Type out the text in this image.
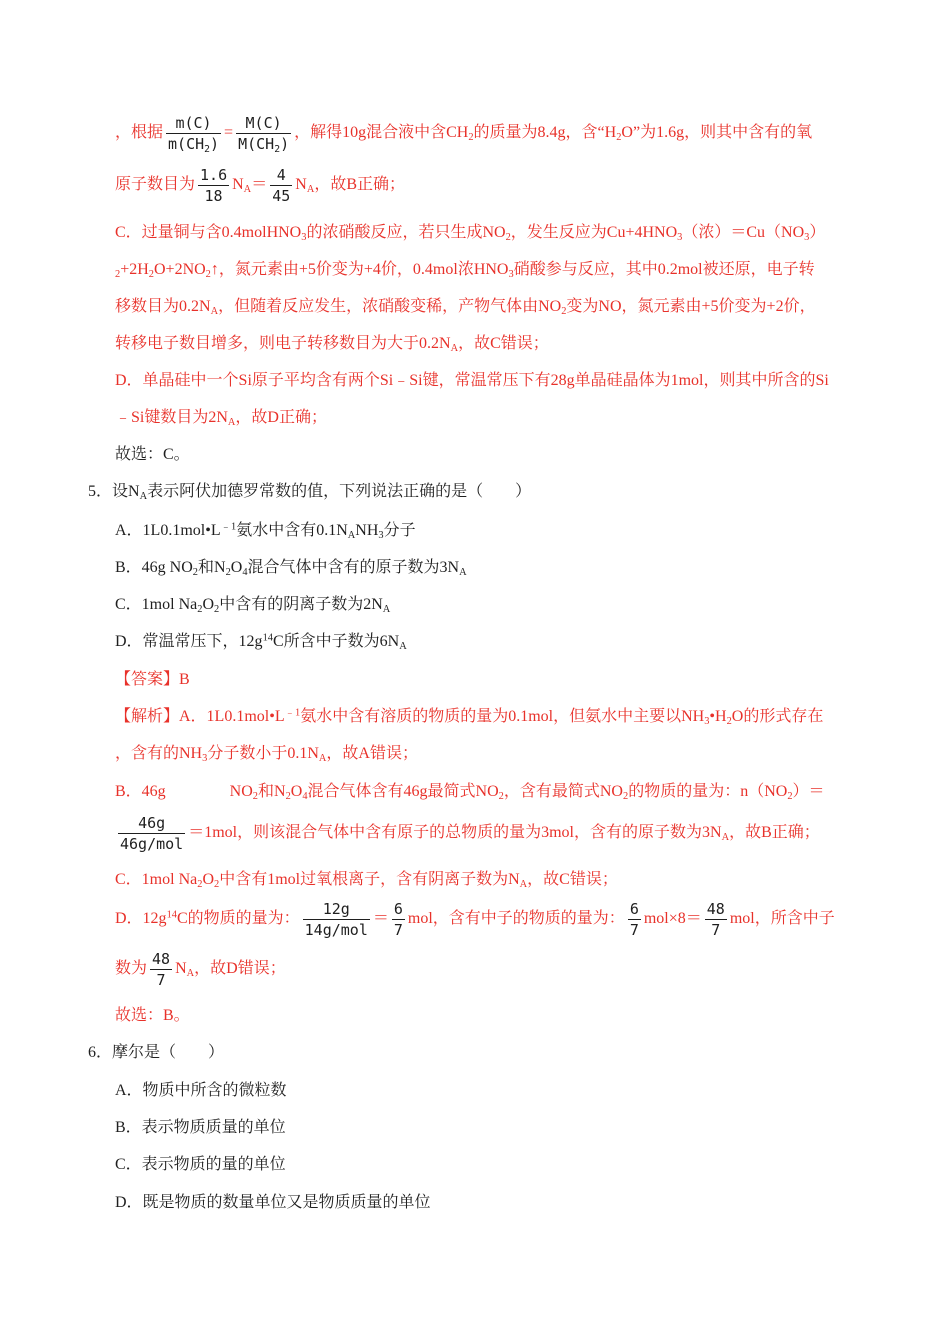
，根据 $\frac{m(C)}{m(CH_2)} = \frac{M(C)}{M(CH_2)}$ ，解得10g混合液中含$CH_2$的质量为8.4g，含“$H_2O$”为1.6g，则其中含有的氧
原子数目为 $\frac{1.6}{18} N_A= \frac{4}{45} N_A$，故B正确；
C．过量铜与含0.4molHNO$_3$的浓硝酸反应，若只生成$NO_2$，发生反应为$Cu+4HNO_3$（浓）$=Cu(NO_3)$
$_2+2H_2O+2NO_2↑$，氮元素由+5价变为+4价，0.4mol浓$HNO_3$硝酸参与反应，其中0.2mol被还原，电子转
移数目为$0.2N_A$，但随着反应发生，浓硝酸变稀，产物气体由$NO_2$变为NO，氮元素由+5价变为+2价，
转移电子数目增多，则电子转移数目为大于$0.2N_A$，故C错误；
D．单晶硅中一个Si原子平均含有两个Si﹣Si键，常温常压下有28g单晶硅晶体为1mol，则其中所含的Si
﹣Si键数目为$2N_A$，故D正确；
故选：C。
5．设$N_A$表示阿伏加德罗常数的值，下列说法正确的是（　　）
A．$1L0.1mol•L^{﹣1}$氨水中含有$0.1N_ANH_3$分子
B．46g $NO_2$和$N_2O_4$混合气体中含有的原子数为$3N_A$
C．1mol $Na_2O_2$中含有的阴离子数为$2N_A$
D．常温常压下，$12g^{14}C$所含中子数为$6N_A$
【答案】B
【解析】A．$1L0.1mol•L^{﹣1}$氨水中含有溶质的物质的量为0.1mol，但氨水中主要以$NH_3•H_2O$的形式存在
，含有的$NH_3$分子数小于$0.1N_A$，故A错误；
B．46g　　　　$NO_2$和$N_2O_4$混合气体含有46g最简式$NO_2$，含有最简式$NO_2$的物质的量为：$n(NO_2)=$
$\frac{46g}{\text{46g/mol}} =1mol$，则该混合气体中含有原子的总物质的量为3mol，含有的原子数为$3N_A$，故B正确；
C．1mol $Na_2O_2$中含有1mol过氧根离子，含有阴离子数为$N_A$，故C错误；
D．$12g^{14}C$的物质的量为： $\frac{12g}{\text{14g/mol}} = \frac{6}{7}$ mol，含有中子的物质的量为： $\frac{6}{7} mol\times 8= \frac{48}{7}$ mol，所含中子
数为 $\frac{48}{7} N_A$，故D错误；
故选：B。
6．摩尔是（　　）
A．物质中所含的微粒数
B．表示物质质量的单位
C．表示物质的量的单位
D．既是物质的数量单位又是物质质量的单位
